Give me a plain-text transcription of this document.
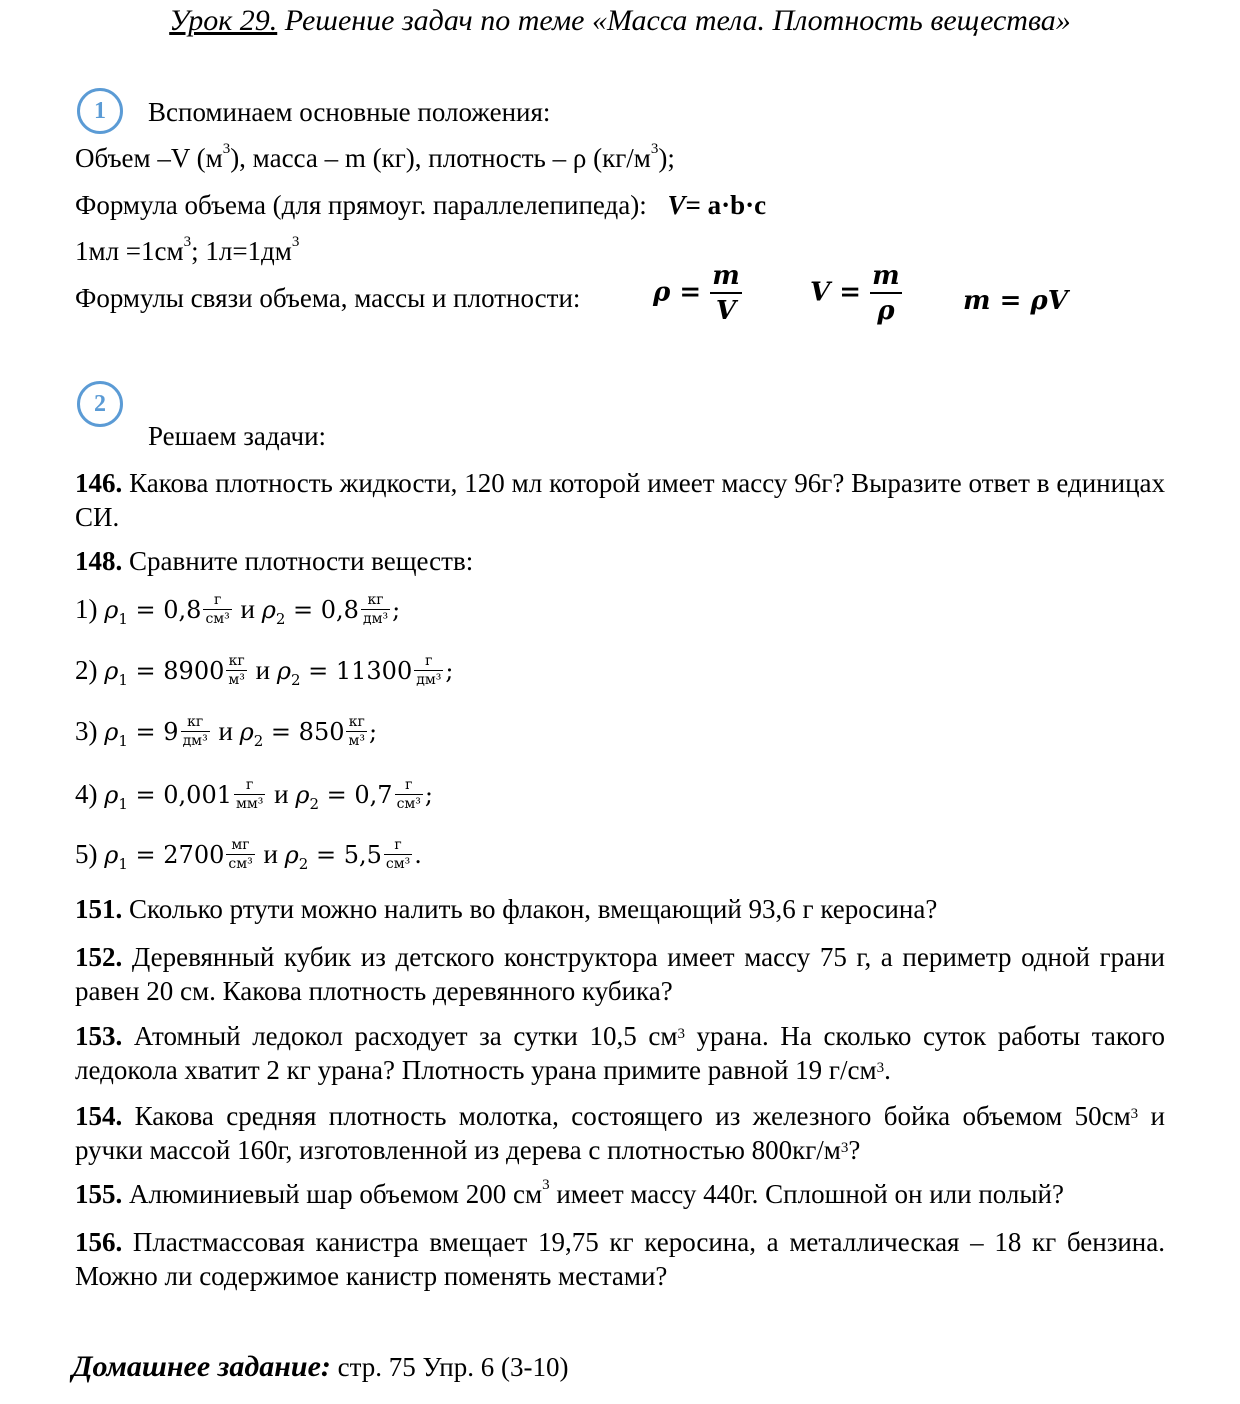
Урок 29. Решение задач по теме «Масса тела. Плотность вещества»
1 Вспоминаем основные положения:
Объем –V $(м^3)$, масса – m (кг), плотность – ρ $(кг/м^3)$;
Формула объема (для прямоуг. параллелепипеда): V= a·b·c
$1мл =1см^3$; $1л=1дм^3$
Формулы связи объема, массы и плотности:	$\rho = \frac{m}{V}$	$V = \frac{m}{\rho}$ m = ρV
2
Решаем задачи:
146. Какова плотность жидкости, 120 мл которой имеет массу 96г? Выразите ответ в единицах СИ.
148. Сравните плотности веществ:
1) $\rho_1 = 0,8$ г
см³ и $\rho_2 = 0,8$ кг
дм³ ;
2) $\rho_1 = 8900$ кг
м³ и $\rho_2 = 11300$ г
дм³ ;
3) $\rho_1 = 9$ кг
дм³ и $\rho_2 = 850$ кг
м³ ;
4) $\rho_1 = 0,001$ г
мм³ и $\rho_2 = 0,7$ г
см³ ;
5) $\rho_1 = 2700$ мг
см³ и $\rho_2 = 5,5$ г
см³ .
151. Сколько ртути можно налить во флакон, вмещающий 93,6 г керосина?
152. Деревянный кубик из детского конструктора имеет массу 75 г, а периметр одной грани равен 20 см. Какова плотность деревянного кубика?
153. Атомный ледокол расходует за сутки 10,5 $см^3$ урана. На сколько суток работы такого ледокола хватит 2 кг урана? Плотность урана примите равной 19 $г/см^3$.
154. Какова средняя плотность молотка, состоящего из железного бойка объемом $50см^3$ и ручки массой 160г, изготовленной из дерева с плотностью $800кг/м^3$?
155. Алюминиевый шар объемом 200 $см^3$ имеет массу 440г. Сплошной он или полый?
156. Пластмассовая канистра вмещает 19,75 кг керосина, а металлическая – 18 кг бензина. Можно ли содержимое канистр поменять местами?
Домашнее задание: стр. 75 Упр. 6 (3-10)
